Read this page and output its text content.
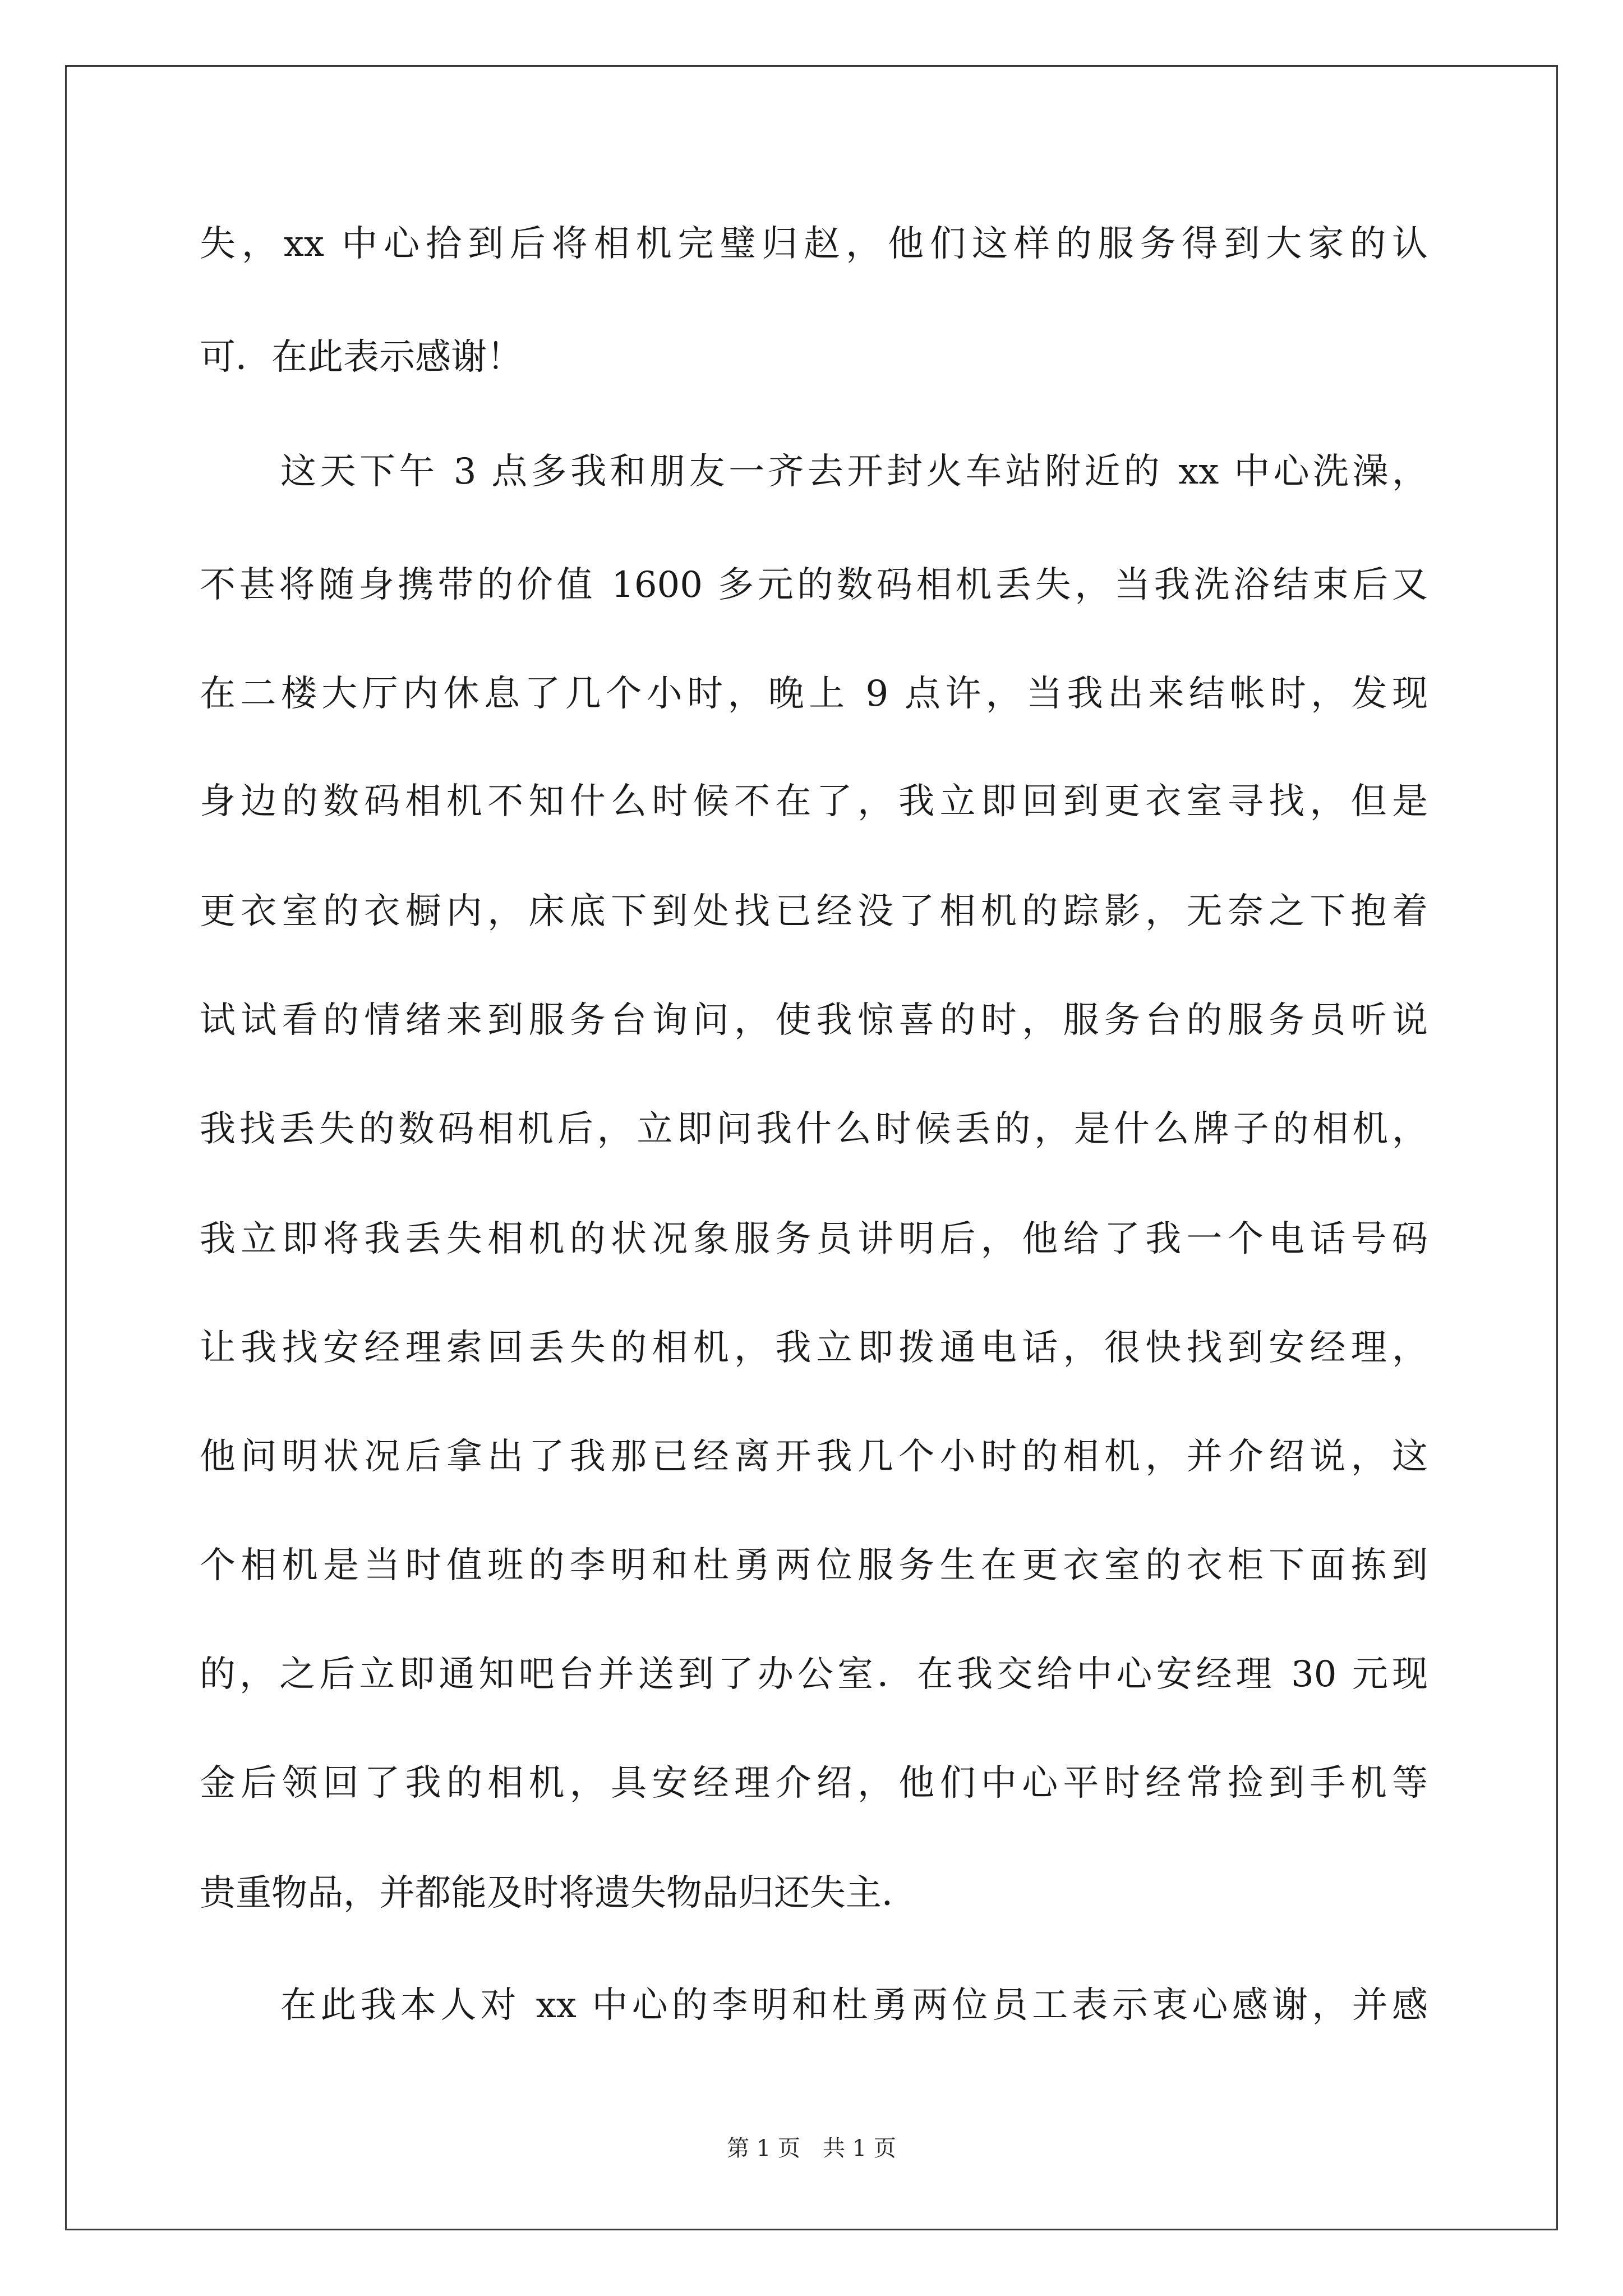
失，xx 中心拾到后将相机完璧归赵，他们这样的服务得到大家的认
可．在此表示感谢！
这天下午 3 点多我和朋友一齐去开封火车站附近的 xx 中心洗澡，
不甚将随身携带的价值 1600 多元的数码相机丢失，当我洗浴结束后又
在二楼大厅内休息了几个小时，晚上 9 点许，当我出来结帐时，发现
身边的数码相机不知什么时候不在了，我立即回到更衣室寻找，但是
更衣室的衣橱内，床底下到处找已经没了相机的踪影，无奈之下抱着
试试看的情绪来到服务台询问，使我惊喜的时，服务台的服务员听说
我找丢失的数码相机后，立即问我什么时候丢的，是什么牌子的相机，
我立即将我丢失相机的状况象服务员讲明后，他给了我一个电话号码
让我找安经理索回丢失的相机，我立即拨通电话，很快找到安经理，
他问明状况后拿出了我那已经离开我几个小时的相机，并介绍说，这
个相机是当时值班的李明和杜勇两位服务生在更衣室的衣柜下面拣到
的，之后立即通知吧台并送到了办公室．在我交给中心安经理 30 元现
金后领回了我的相机，具安经理介绍，他们中心平时经常捡到手机等
贵重物品，并都能及时将遗失物品归还失主．
在此我本人对 xx 中心的李明和杜勇两位员工表示衷心感谢，并感
第 1 页　共 1 页
